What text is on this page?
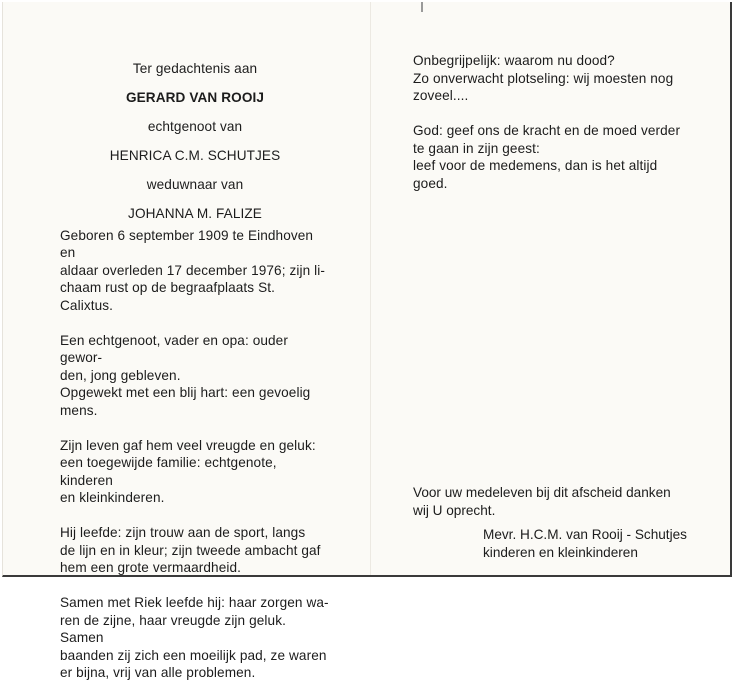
Ter gedachtenis aan
GERARD VAN ROOIJ
echtgenoot van
HENRICA C.M. SCHUTJES
weduwnaar van
JOHANNA M. FALIZE
Geboren 6 september 1909 te Eindhoven en
aldaar overleden 17 december 1976; zijn li-
chaam rust op de begraafplaats St. Calixtus.
Een echtgenoot, vader en opa: ouder gewor-
den, jong gebleven.
Opgewekt met een blij hart: een gevoelig
mens.
Zijn leven gaf hem veel vreugde en geluk:
een toegewijde familie: echtgenote, kinderen
en kleinkinderen.
Hij leefde: zijn trouw aan de sport, langs
de lijn en in kleur; zijn tweede ambacht gaf
hem een grote vermaardheid.
Samen met Riek leefde hij: haar zorgen wa-
ren de zijne, haar vreugde zijn geluk. Samen
baanden zij zich een moeilijk pad, ze waren
er bijna, vrij van alle problemen.
Onbegrijpelijk: waarom nu dood?
Zo onverwacht plotseling: wij moesten nog
zoveel....
God: geef ons de kracht en de moed verder
te gaan in zijn geest:
leef voor de medemens, dan is het altijd
goed.
Voor uw medeleven bij dit afscheid danken
wij U oprecht.
Mevr. H.C.M. van Rooij - Schutjes
kinderen en kleinkinderen
